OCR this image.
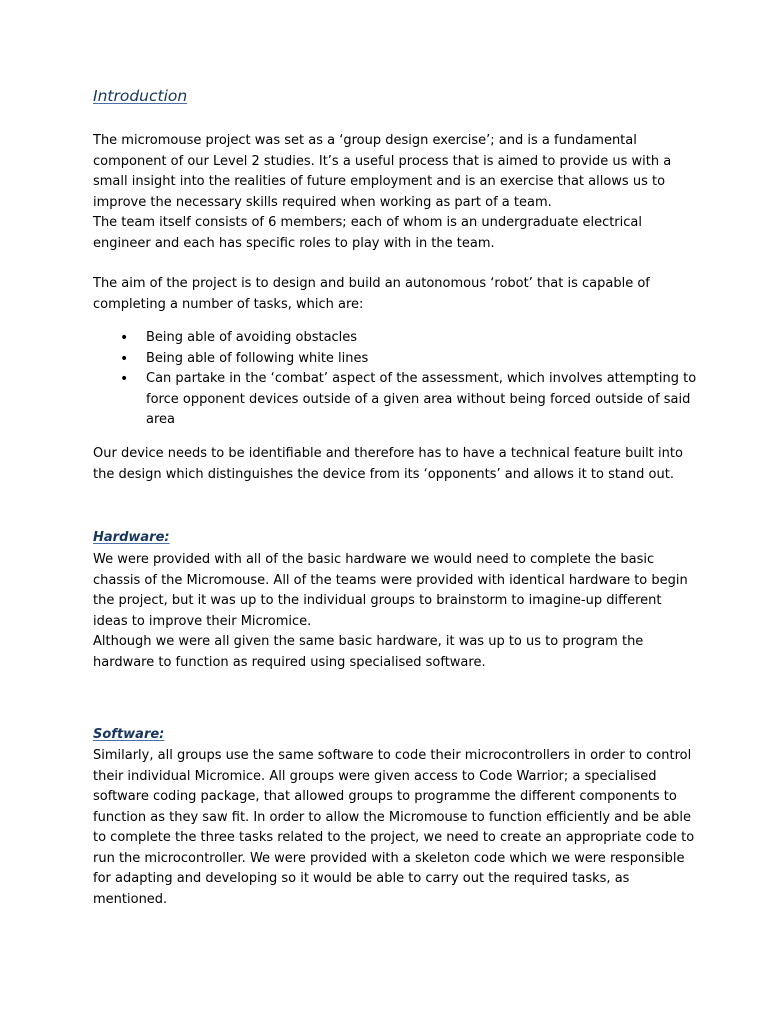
Introduction
The micromouse project was set as a ‘group design exercise’; and is a fundamental
component of our Level 2 studies. It’s a useful process that is aimed to provide us with a
small insight into the realities of future employment and is an exercise that allows us to
improve the necessary skills required when working as part of a team.
The team itself consists of 6 members; each of whom is an undergraduate electrical
engineer and each has specific roles to play with in the team.
The aim of the project is to design and build an autonomous ‘robot’ that is capable of
completing a number of tasks, which are:
• Being able of avoiding obstacles
• Being able of following white lines
• Can partake in the ‘combat’ aspect of the assessment, which involves attempting to
force opponent devices outside of a given area without being forced outside of said
area
Our device needs to be identifiable and therefore has to have a technical feature built into
the design which distinguishes the device from its ‘opponents’ and allows it to stand out.
Hardware:
We were provided with all of the basic hardware we would need to complete the basic
chassis of the Micromouse. All of the teams were provided with identical hardware to begin
the project, but it was up to the individual groups to brainstorm to imagine-up different
ideas to improve their Micromice.
Although we were all given the same basic hardware, it was up to us to program the
hardware to function as required using specialised software.
Software:
Similarly, all groups use the same software to code their microcontrollers in order to control
their individual Micromice. All groups were given access to Code Warrior; a specialised
software coding package, that allowed groups to programme the different components to
function as they saw fit. In order to allow the Micromouse to function efficiently and be able
to complete the three tasks related to the project, we need to create an appropriate code to
run the microcontroller. We were provided with a skeleton code which we were responsible
for adapting and developing so it would be able to carry out the required tasks, as
mentioned.
